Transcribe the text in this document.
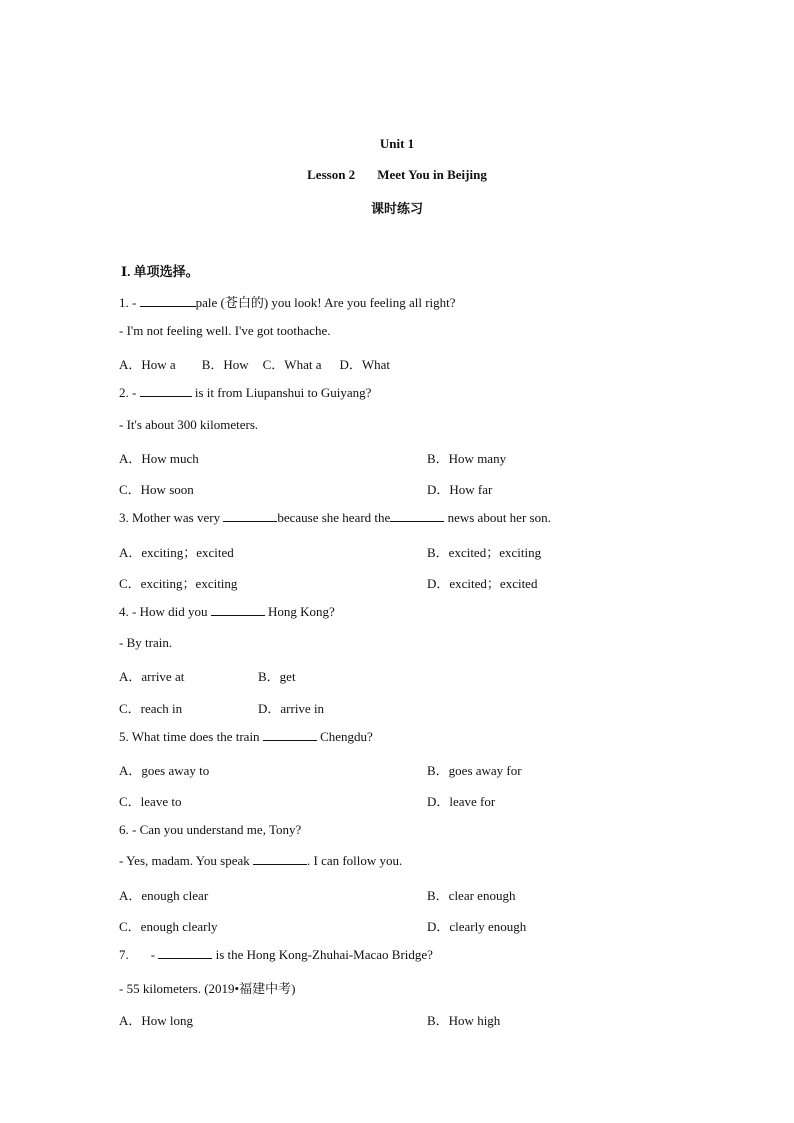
Unit 1
Lesson 2 Meet You in Beijing
课时练习
Ⅰ. 单项选择。
1. -	pale (苍白的) you look! Are you feeling all right?
- I'm not feeling well. I've got toothache.
A．How a B．How C．What a D．What
2. -	is it from Liupanshui to Guiyang?
- It's about 300 kilometers.
A．How much	B．How many
C．How soon	D．How far
3. Mother was very	because she heard the	news about her son.
A．exciting；excited	B．excited；exciting
C．exciting；exciting	D．excited；excited
4. - How did you	Hong Kong?
- By train.
A．arrive at	B．get
C．reach in	D．arrive in
5. What time does the train	Chengdu?
A．goes away to	B．goes away for
C．leave to	D．leave for
6. - Can you understand me, Tony?
- Yes, madam. You speak	. I can follow you.
A．enough clear	B．clear enough
C．enough clearly	D．clearly enough
7. -	is the Hong Kong-Zhuhai-Macao Bridge?
- 55 kilometers. (2019•福建中考)
A．How long	B．How high
